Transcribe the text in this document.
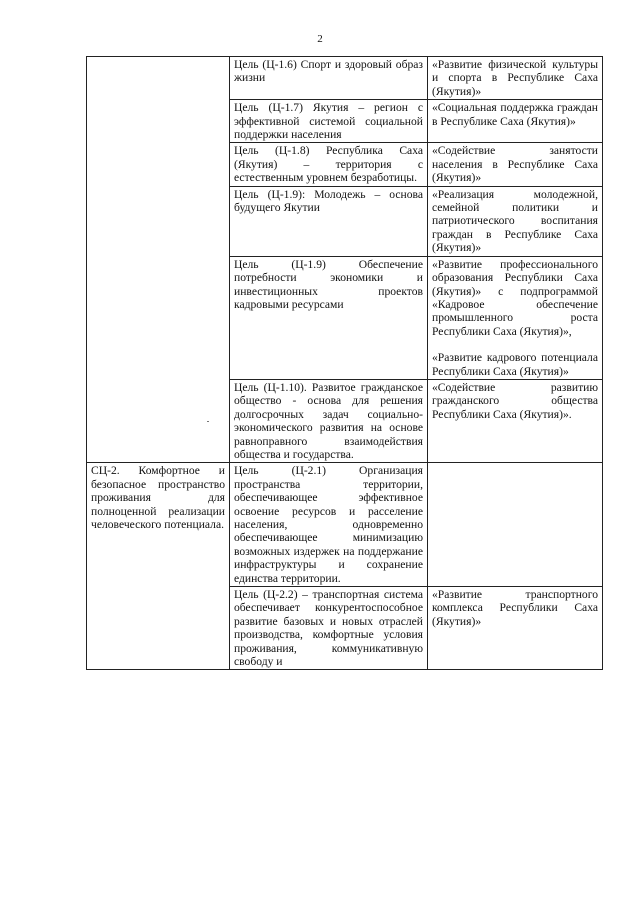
2
	Цель (Ц-1.6) Спорт и здоровый образ жизни	«Развитие физической культуры и спорта в Республике Саха (Якутия)»

	Цель (Ц-1.7) Якутия – регион с эффективной системой социальной поддержки населения	«Социальная поддержка граждан в Республике Саха (Якутия)»

	Цель (Ц-1.8) Республика Саха (Якутия) – территория с естественным уровнем безработицы.	«Содействие занятости населения в Республике Саха (Якутия)»

	Цель (Ц-1.9): Молодежь – основа будущего Якутии	«Реализация молодежной, семейной политики и патриотического воспитания граждан в Республике Саха (Якутия)»

	Цель (Ц-1.9) Обеспечение потребности экономики и инвестиционных проектов кадровыми ресурсами	«Развитие профессионального образования Республики Саха (Якутия)» с подпрограммой «Кадровое обеспечение промышленного роста Республики Саха (Якутия)»,
«Развитие кадрового потенциала Республики Саха (Якутия)»

	Цель (Ц-1.10). Развитое гражданское общество - основа для решения долгосрочных задач социально-экономического развития на основе равноправного взаимодействия общества и государства.	«Содействие развитию гражданского общества Республики Саха (Якутия)».

СЦ-2. Комфортное и безопасное пространство проживания для полноценной реализации человеческого потенциала.	Цель (Ц-2.1) Организация пространства территории, обеспечивающее эффективное освоение ресурсов и расселение населения, одновременно обеспечивающее минимизацию возможных издержек на поддержание инфраструктуры и сохранение единства территории.	
	Цель (Ц-2.2) – транспортная система обеспечивает конкурентоспособное развитие базовых и новых отраслей производства, комфортные условия проживания, коммуникативную свободу и	«Развитие транспортного комплекса Республики Саха (Якутия)»
